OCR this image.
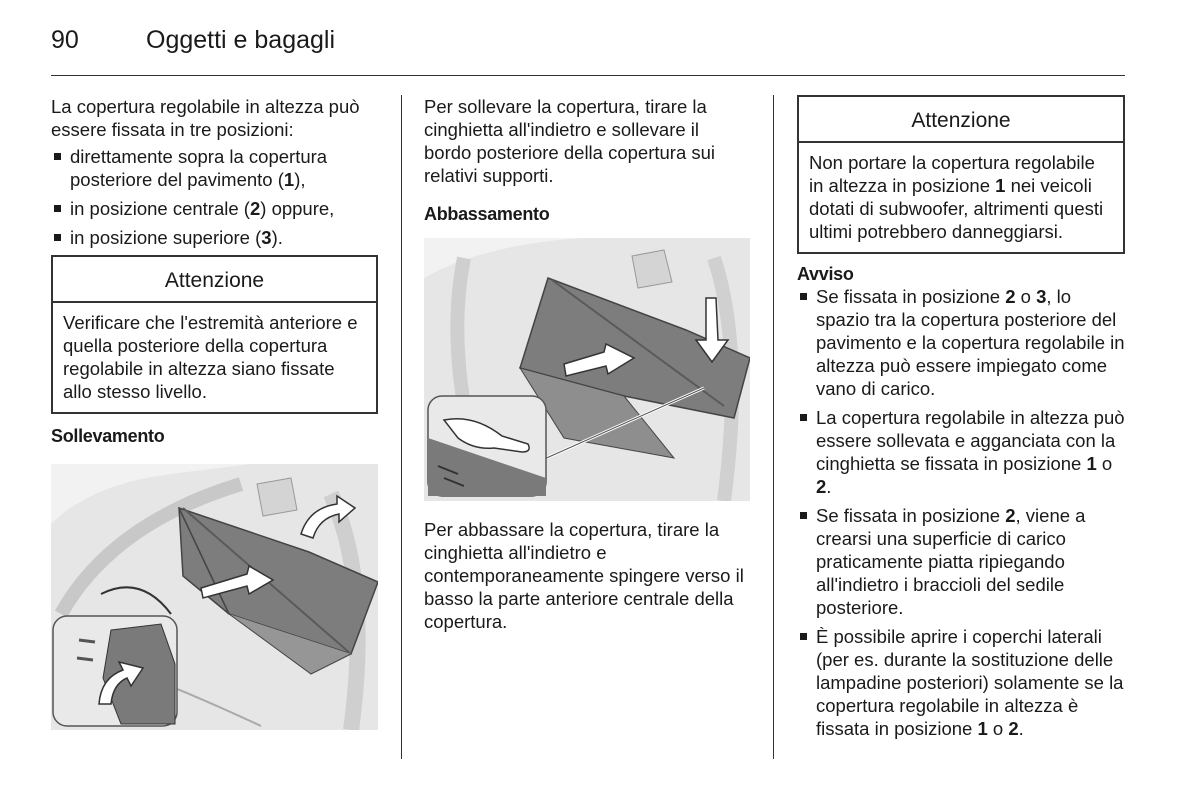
90	Oggetti e bagagli

La copertura regolabile in altezza può essere fissata in tre posizioni:

direttamente sopra la copertura posteriore del pavimento (1),
in posizione centrale (2) oppure,
in posizione superiore (3).
Attenzione
Verificare che l'estremità anteriore e quella posteriore della copertura regolabile in altezza siano fissate allo stesso livello.
Sollevamento

Per sollevare la copertura, tirare la cinghietta all'indietro e sollevare il bordo posteriore della copertura sui relativi supporti.

Abbassamento
Per abbassare la copertura, tirare la cinghietta all'indietro e contemporaneamente spingere verso il basso la parte anteriore centrale della copertura.
Attenzione
Non portare la copertura regolabile in altezza in posizione 1 nei veicoli dotati di subwoofer, altrimenti questi ultimi potrebbero danneggiarsi.
Avviso
Se fissata in posizione 2 o 3, lo spazio tra la copertura posteriore del pavimento e la copertura regolabile in altezza può essere impiegato come vano di carico.
La copertura regolabile in altezza può essere sollevata e agganciata con la cinghietta se fissata in posizione 1 o 2.
Se fissata in posizione 2, viene a crearsi una superficie di carico praticamente piatta ripiegando all'indietro i braccioli del sedile posteriore.
È possibile aprire i coperchi laterali (per es. durante la sostituzione delle lampadine posteriori) solamente se la copertura regolabile in altezza è fissata in posizione 1 o 2.
